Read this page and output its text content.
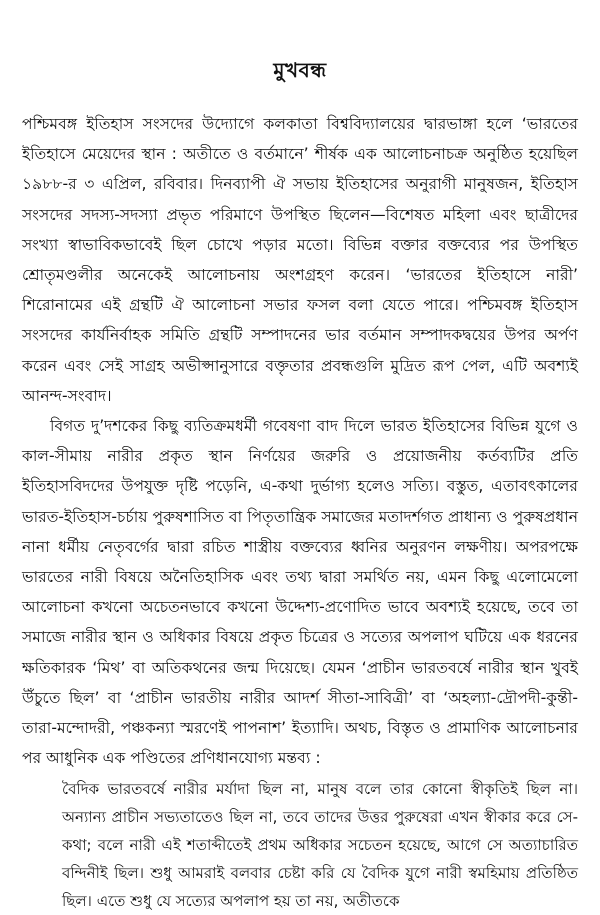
মুখবন্ধ

পশ্চিমবঙ্গ ইতিহাস সংসদের উদ্যোগে কলকাতা বিশ্ববিদ্যালয়ের দ্বারভাঙ্গা হলে ‘ভারতের ইতিহাসে মেয়েদের স্থান : অতীতে ও বর্তমানে’ শীর্ষক এক আলোচনাচক্র অনুষ্ঠিত হয়েছিল ১৯৮৮-র ৩ এপ্রিল, রবিবার। দিনব্যাপী ঐ সভায় ইতিহাসের অনুরাগী মানুষজন, ইতিহাস সংসদের সদস্য-সদস্যা প্রভৃত পরিমাণে উপস্থিত ছিলেন—বিশেষত মহিলা এবং ছাত্রীদের সংখ্যা স্বাভাবিকভাবেই ছিল চোখে পড়ার মতো। বিভিন্ন বক্তার বক্তব্যের পর উপস্থিত শ্রোতৃমণ্ডলীর অনেকেই আলোচনায় অংশগ্রহণ করেন। ‘ভারতের ইতিহাসে নারী’ শিরোনামের এই গ্রন্থটি ঐ আলোচনা সভার ফসল বলা যেতে পারে। পশ্চিমবঙ্গ ইতিহাস সংসদের কার্যনির্বাহক সমিতি গ্রন্থটি সম্পাদনের ভার বর্তমান সম্পাদকদ্বয়ের উপর অর্পণ করেন এবং সেই সাগ্রহ অভীপ্সানুসারে বক্তৃতার প্রবন্ধগুলি মুদ্রিত রূপ পেল, এটি অবশ্যই আনন্দ-সংবাদ।

বিগত দু’দশকের কিছু ব্যতিক্রমধর্মী গবেষণা বাদ দিলে ভারত ইতিহাসের বিভিন্ন যুগে ও কাল-সীমায় নারীর প্রকৃত স্থান নির্ণয়ের জরুরি ও প্রয়োজনীয় কর্তব্যটির প্রতি ইতিহাসবিদদের উপযুক্ত দৃষ্টি পড়েনি, এ-কথা দুর্ভাগ্য হলেও সত্যি। বস্তুত, এতাবৎকালের ভারত-ইতিহাস-চর্চায় পুরুষশাসিত বা পিতৃতান্ত্রিক সমাজের মতাদর্শগত প্রাধান্য ও পুরুষপ্রধান নানা ধর্মীয় নেতৃবর্গের দ্বারা রচিত শাস্ত্রীয় বক্তব্যের ধ্বনির অনুরণন লক্ষণীয়। অপরপক্ষে ভারতের নারী বিষয়ে অনৈতিহাসিক এবং তথ্য দ্বারা সমর্থিত নয়, এমন কিছু এলোমেলো আলোচনা কখনো অচেতনভাবে কখনো উদ্দেশ্য-প্রণোদিত ভাবে অবশ্যই হয়েছে, তবে তা সমাজে নারীর স্থান ও অধিকার বিষয়ে প্রকৃত চিত্রের ও সত্যের অপলাপ ঘটিয়ে এক ধরনের ক্ষতিকারক ‘মিথ’ বা অতিকথনের জন্ম দিয়েছে। যেমন ‘প্রাচীন ভারতবর্ষে নারীর স্থান খুবই উঁচুতে ছিল’ বা ‘প্রাচীন ভারতীয় নারীর আদর্শ সীতা-সাবিত্রী’ বা ‘অহল্যা-দ্রৌপদী-কুন্তী-তারা-মন্দোদরী, পঞ্চকন্যা স্মরণেই পাপনাশ’ ইত্যাদি। অথচ, বিস্তৃত ও প্রামাণিক আলোচনার পর আধুনিক এক পণ্ডিতের প্রণিধানযোগ্য মন্তব্য :

বৈদিক ভারতবর্ষে নারীর মর্যাদা ছিল না, মানুষ বলে তার কোনো স্বীকৃতিই ছিল না। অন্যান্য প্রাচীন সভ্যতাতেও ছিল না, তবে তাদের উত্তর পুরুষেরা এখন স্বীকার করে সে-কথা; বলে নারী এই শতাব্দীতেই প্রথম অধিকার সচেতন হয়েছে, আগে সে অত্যাচারিত বন্দিনীই ছিল। শুধু আমরাই বলবার চেষ্টা করি যে বৈদিক যুগে নারী স্বমহিমায় প্রতিষ্ঠিত ছিল। এতে শুধু যে সত্যের অপলাপ হয় তা নয়, অতীতকে
